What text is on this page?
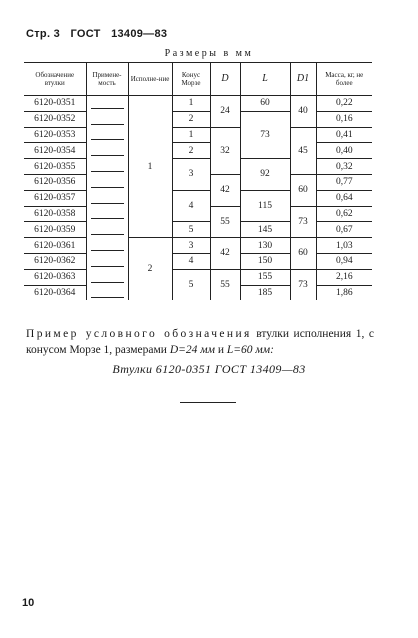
Стр. 3 ГОСТ 13409—83
Размеры в мм
Обозначение втулки	Примене-мость	Исполне-ние	Конус Морзе	D	L	D1	Масса, кг, не более
6120-0351		1	1	24	60	40	0,22
6120-0352			2		73		0,16
6120-0353			1	32		45	0,41
6120-0354			2				0,40
6120-0355			3		92		0,32
6120-0356				42		60	0,77
6120-0357			4		115		0,64
6120-0358				55		73	0,62
6120-0359			5		145		0,67
6120-0361		2	3	42	130	60	1,03
6120-0362			4		150		0,94
6120-0363			5	55	155	73	2,16
6120-0364					185		1,86
Пример условного обозначения втулки исполнения 1, с конусом Морзе 1, размерами D=24 мм и L=60 мм:
Втулки 6120-0351 ГОСТ 13409—83
10
